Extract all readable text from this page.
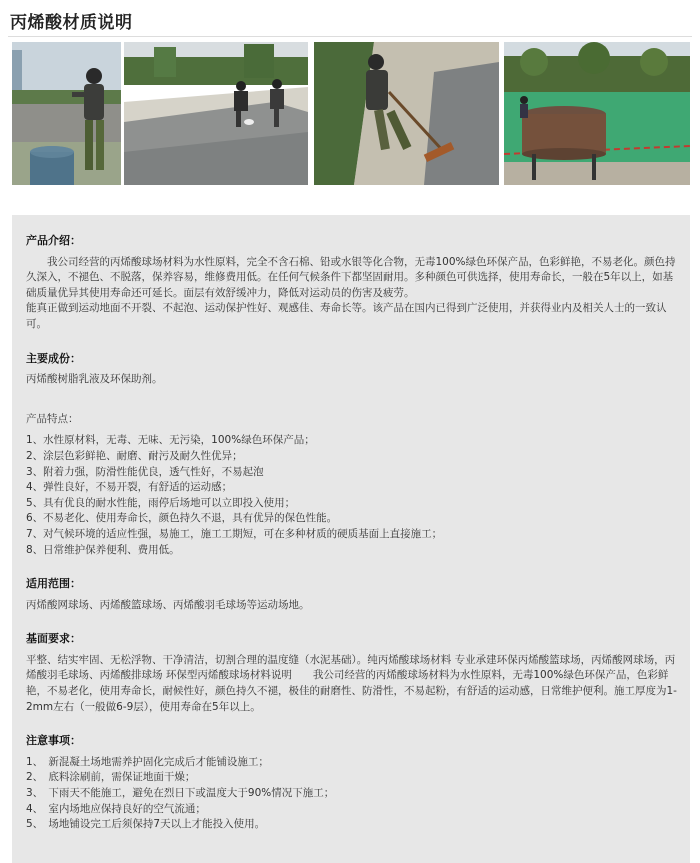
丙烯酸材质说明

产品介绍：

我公司经营的丙烯酸球场材料为水性原料，完全不含石棉、铅或水银等化合物，无毒100%绿色环保产品，色彩鲜艳，不易老化。颜色持久深入，不褪色、不脱落，保养容易，维修费用低。在任何气候条件下都坚固耐用。多种颜色可供选择，使用寿命长，一般在5年以上，如基础质量优异其使用寿命还可延长。面层有效舒缓冲力，降低对运动员的伤害及疲劳。

能真正做到运动地面不开裂、不起泡、运动保护性好、观感佳、寿命长等。该产品在国内已得到广泛使用，并获得业内及相关人士的一致认可。

主要成份：

丙烯酸树脂乳液及环保助剂。

产品特点：

1、水性原材料，无毒、无味、无污染，100%绿色环保产品；

2、涂层色彩鲜艳、耐磨、耐污及耐久性优异；

3、附着力强，防滑性能优良，透气性好，不易起泡

4、弹性良好，不易开裂，有舒适的运动感；

5、具有优良的耐水性能，雨停后场地可以立即投入使用；

6、不易老化、使用寿命长，颜色持久不退，具有优异的保色性能。

7、对气候环境的适应性强，易施工，施工工期短，可在多种材质的硬质基面上直接施工；

8、日常维护保养便利、费用低。

适用范围：

丙烯酸网球场、丙烯酸篮球场、丙烯酸羽毛球场等运动场地。

基面要求：

平整、结实牢固、无松浮物、干净清洁，切割合理的温度缝（水泥基础）。纯丙烯酸球场材料 专业承建环保丙烯酸篮球场，丙烯酸网球场，丙烯酸羽毛球场、丙烯酸排球场 环保型丙烯酸球场材料说明　　我公司经营的丙烯酸球场材料为水性原料，无毒100%绿色环保产品，色彩鲜艳，不易老化，使用寿命长，耐候性好，颜色持久不褪，极佳的耐磨性、防滑性，不易起粉，有舒适的运动感，日常维护便利。施工厚度为1-2mm左右（一般做6-9层），使用寿命在5年以上。

注意事项：

1、　新混凝土场地需养护固化完成后才能铺设施工；

2、　底料涂刷前，需保证地面干燥；

3、　下雨天不能施工，避免在烈日下或温度大于90%情况下施工；

4、　室内场地应保持良好的空气流通；

5、　场地铺设完工后须保持7天以上才能投入使用。
